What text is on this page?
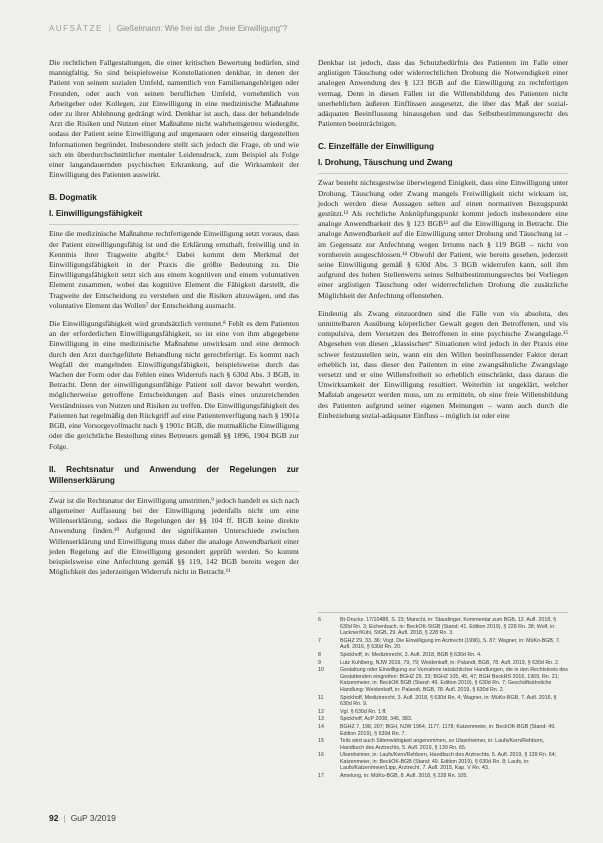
AUFSÄTZE | Gießelmann: Wie frei ist die „freie Einwilligung“?

Die rechtlichen Fallgestaltungen, die einer kritischen Bewertung bedürfen, sind mannigfaltig. So sind beispielsweise Konstellationen denkbar, in denen der Patient von seinem sozialen Umfeld, namentlich von Familienangehörigen oder Freunden, oder auch von seinen beruflichen Umfeld, vornehmlich von Arbeitgeber oder Kollegen, zur Einwilligung in eine medizinische Maßnahme oder zu ihrer Ablehnung gedrängt wird. Denkbar ist auch, dass der behandelnde Arzt die Risiken und Nutzen einer Maßnahme nicht wahrheitsgetreu wiedergibt, sodass der Patient seine Einwilligung auf ungenauen oder einseitig dargestellten Informationen begründet. Insbesondere stellt sich jedoch die Frage, ob und wie sich ein überdurchschnittlicher mentaler Leidensdruck, zum Beispiel als Folge einer langandauernden psychischen Erkrankung, auf die Wirksamkeit der Einwilligung des Patienten auswirkt.

B. Dogmatik
I. Einwilligungsfähigkeit

Eine die medizinische Maßnahme rechtfertigende Einwilligung setzt voraus, dass der Patient einwilligungsfähig ist und die Erklärung ernsthaft, freiwillig und in Kenntnis ihrer Tragweite abgibt.⁶ Dabei kommt dem Merkmal der Einwilligungsfähigkeit in der Praxis die größte Bedeutung zu. Die Einwilligungsfähigkeit setzt sich aus einem kognitiven und einem voluntativen Element zusammen, wobei das kognitive Element die Fähigkeit darstellt, die Tragweite der Entscheidung zu verstehen und die Risiken abzuwägen, und das voluntative Element das Wollen⁷ der Entscheidung ausmacht.

Die Einwilligungsfähigkeit wird grundsätzlich vermutet.⁸ Fehlt es dem Patienten an der erforderlichen Einwilligungsfähigkeit, so ist eine von ihm abgegebene Einwilligung in eine medizinische Maßnahme unwirksam und eine dennoch durch den Arzt durchgeführte Behandlung nicht gerechtfertigt. Es kommt nach Wegfall der mangelnden Einwilligungsfähigkeit, beispielsweise durch das Wachen der Form oder das Fehlen eines Widerrufs nach § 630d Abs. 3 BGB, in Betracht. Denn der einwilligungsunfähige Patient soll davor bewahrt werden, möglicherweise getroffene Entscheidungen auf Basis eines unzureichenden Verständnisses von Nutzen und Risiken zu treffen. Die Einwilligungsfähigkeit des Patienten hat regelmäßig den Rückgriff auf eine Patientenverfügung nach § 1901a BGB, eine Vorsorgevollmacht nach § 1901c BGB, die mutmaßliche Einwilligung oder die gerichtliche Bestellung eines Betreuers gemäß §§ 1896, 1904 BGB zur Folge.

II. Rechtsnatur und Anwendung der Regelungen zur Willenserklärung

Zwar ist die Rechtsnatur der Einwilligung umstritten,⁹ jedoch handelt es sich nach allgemeiner Auffassung bei der Einwilligung jedenfalls nicht um eine Willenserklärung, sodass die Regelungen der §§ 104 ff. BGB keine direkte Anwendung finden.¹⁰ Aufgrund der signifikanten Unterschiede zwischen Willenserklärung und Einwilligung muss daher die analoge Anwendbarkeit einer jeden Regelung auf die Einwilligung gesondert geprüft werden. So kommt beispielsweise eine Anfechtung gemäß §§ 119, 142 BGB bereits wegen der Möglichkeit des jederzeitigen Widerrufs nicht in Betracht.¹¹

Denkbar ist jedoch, dass das Schutzbedürfnis des Patienten im Falle einer arglistigen Täuschung oder widerrechtlichen Drohung die Notwendigkeit einer analogen Anwendung des § 123 BGB auf die Einwilligung zu rechtfertigen vermag. Denn in diesen Fällen ist die Willensbildung des Patienten nicht unerheblichen äußeren Einflüssen ausgesetzt, die über das Maß der sozial-adäquaten Beeinflussung hinausgehen und das Selbstbestimmungsrecht des Patienten beeinträchtigen.

C. Einzelfälle der Einwilligung
I. Drohung, Täuschung und Zwang

Zwar besteht nichtsgestwise überwiegend Einigkeit, dass eine Einwilligung unter Drohung, Täuschung oder Zwang mangels Freiwilligkeit nicht wirksam ist, jedoch werden diese Aussagen selten auf einen normativen Bezugspunkt gestützt.¹² Als rechtliche Anknüpfungspunkt kommt jedoch insbesondere eine analoge Anwendbarkeit des § 123 BGB¹³ auf die Einwilligung in Betracht. Die analoge Anwendbarkeit auf die Einwilligung unter Drohung und Täuschung ist – im Gegensatz zur Anfechtung wegen Irrtums nach § 119 BGB – nicht von vornherein ausgeschlossen.¹⁴ Obwohl der Patient, wie bereits gesehen, jederzeit seine Einwilligung gemäß § 630d Abs. 3 BGB widerrufen kann, soll ihm aufgrund des hohen Stellenwerts seines Selbstbestimmungsrechts bei Vorliegen einer arglistigen Täuschung oder widerrechtlichen Drohung die zusätzliche Möglichkeit der Anfechtung offenstehen.

Eindeutig als Zwang einzuordnen sind die Fälle von vis absoluta, des unmittelbaren Ausübung körperlicher Gewalt gegen den Betroffenen, und vis compulsiva, dem Versetzen des Betroffenen in eine psychische Zwangslage.¹⁵ Abgesehen von diesen „klassischen“ Situationen wird jedoch in der Praxis eine schwer festzustellen sein, wann ein den Willen beeinflussender Faktor derart erheblich ist, dass dieser den Patienten in eine zwangsähnliche Zwangslage versetzt und er eine Willensfreiheit so erheblich einschränkt, dass daraus die Unwirksamkeit der Einwilligung resultiert. Weiterhin ist ungeklärt, welcher Maßstab angesetzt werden muss, um zu ermitteln, ob eine freie Willensbildung des Patienten aufgrund seiner eigenen Meinungen – wann auch durch die Einbeziehung sozial-adäquater Einfluss – möglich ist oder eine

6	Bt-Drucks. 17/10488, S. 23; Marschi, in: Staudinger, Kommentar zum BGB, 12. Aufl. 2018, § 630d Rn. 3; Eichenbach, in: BeckOK-StGB (Stand: 41. Edition 2019), § 228 Rn. 38; Wolf, in: Lackner/Kühl, StGB, 29. Aufl. 2018, § 228 Rn. 3.
7	BGHZ 29, 33, 36; Vogt, Die Einwilligung im Arztrecht (1996), S. 87; Wagner, in: MüKo-BGB, 7. Aufl. 2016, § 630d Rn. 20.
8	Spickhoff, in: Medizinrecht, 3. Aufl. 2018, BGB § 630d Rn. 4.
9	Lutz Kuhlberg, NJW 2019, 79, 79; Weidenkaff, in: Palandt, BGB, 78. Aufl. 2019, § 630d Rn. 2.
10	Gestaltung oder Einwilligung zur Vornahme tatsächlicher Handlungen, die in den Rechtskreis des Gestattenden eingreifen: BGHZ 29, 33; BGHZ 105, 45, 47; BGH BeckRS 2016, 1969, Rn. 21; Katzenmeier, in: BeckOK BGB (Stand: 49. Edition 2019), § 630d Rn. 7; Geschäftsähnliche Handlung: Weidenkaff, in: Palandt, BGB, 78. Aufl. 2019, § 630d Rn. 2.
11	Spickhoff, Medizinrecht, 3. Aufl. 2018, § 630d Rn. 4; Wagner, in: MüKo-BGB, 7. Aufl. 2016, § 630d Rn. 9.
12	Vgl. § 630d Rn. 1 ff.
13	Spickhoff, AcP 2008, 345, 383.
14	BGHZ 7, 198, 207; BGH, NJW 1964, 1177, 1178; Katzenmeier, in: BeckOK-BGB (Stand: 49. Edition 2019), § 630d Rn. 7.
15	Teils wird auch Sittenwidrigkeit angenommen, so Ulsenheimer, in: Laufs/Kern/Rehborn, Handbuch des Arztrechts, 5. Aufl. 2019, § 139 Rn. 65.
16	Ulsenheimer, in: Laufs/Kern/Rehborn, Handbuch des Arztrechts, 5. Aufl. 2019, § 139 Rn. 64; Katzenmeier, in: BeckOK-BGB (Stand: 49. Edition 2019), § 630d Rn. 8; Laufs, in: Laufs/Katzenmeier/Lipp, Arztrecht, 7. Aufl. 2015, Kap. V Rn. 43.
17	Amelung, in: MüKo-BGB, 8. Aufl. 2018, § 228 Rn. 105.
92 | GuP 3/2019
